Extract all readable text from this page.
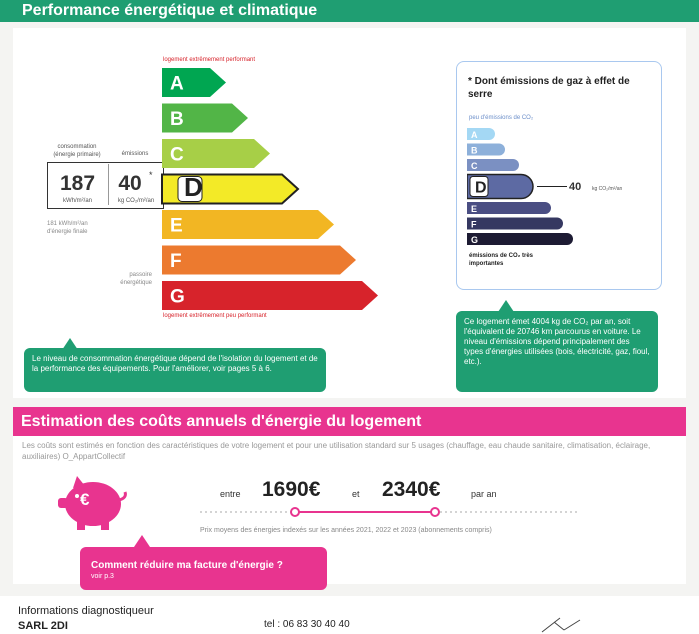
Performance énergétique et climatique
logement extrêmement performant
logement extrêmement peu performant
consommation (énergie primaire)	émissions
187	40 *
kWh/m²/an	kg CO₂/m²/an
181 kWh/m²/an d'énergie finale
passoire énergétique
A
B
C
D
E
F
G
Le niveau de consommation énergétique dépend de l'isolation du logement et de la performance des équipements. Pour l'améliorer, voir pages 5 à 6.
* Dont émissions de gaz à effet de serre
peu d'émissions de CO₂
A
B
C
D
E
F
G
40 kg CO₂/m²/an
émissions de CO₂ très importantes
Ce logement émet 4004 kg de CO₂ par an, soit l'équivalent de 20746 km parcourus en voiture. Le niveau d'émissions dépend principalement des types d'énergies utilisées (bois, électricité, gaz, fioul, etc.).
Estimation des coûts annuels d'énergie du logement
Les coûts sont estimés en fonction des caractéristiques de votre logement et pour une utilisation standard sur 5 usages (chauffage, eau chaude sanitaire, climatisation, éclairage, auxiliaires) O_AppartCollectif
€	entre 1690€	et 2340€	par an
Prix moyens des énergies indexés sur les années 2021, 2022 et 2023 (abonnements compris)
Comment réduire ma facture d'énergie ?
voir p.3
Informations diagnostiqueur
SARL 2DI	tel : 06 83 30 40 40
